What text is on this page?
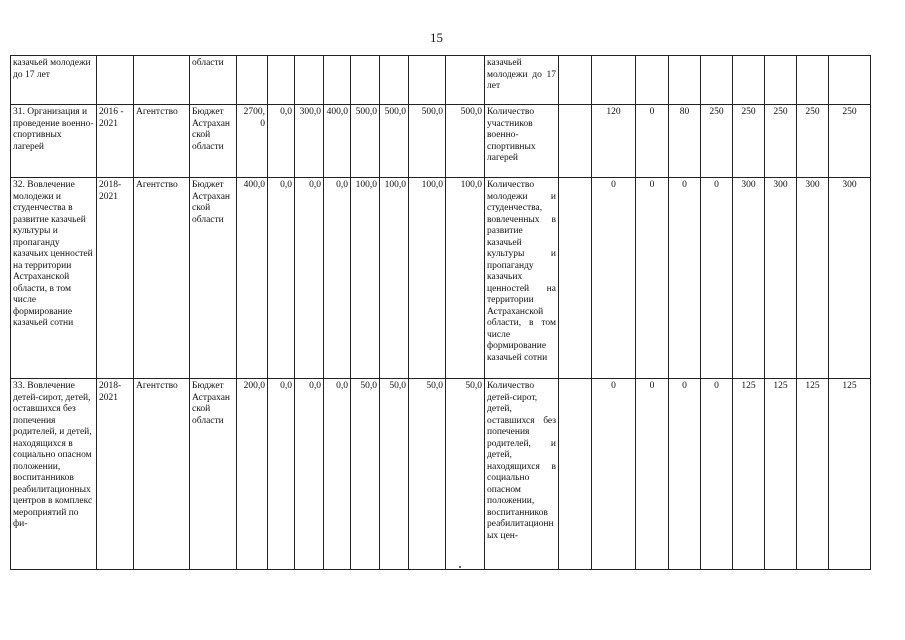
15
казачьей молодежи до 17 лет			области									казачьей молодежи до 17 лет									
31. Организация и проведение военно-спортивных лагерей	2016 - 2021	Агентство	Бюджет Астраханской области	2700,0	0,0	300,0	400,0	500,0	500,0	500,0	500,0	Количество участников военно-спортивных лагерей		120	0	80	250	250	250	250	250
32. Вовлечение молодежи и студенчества в развитие казачьей культуры и пропаганду казачьих ценностей на территории Астраханской области, в том числе формирование казачьей сотни	2018-2021	Агентство	Бюджет Астраханской области	400,0	0,0	0,0	0,0	100,0	100,0	100,0	100,0	Количество молодежи и студенчества, вовлеченных в развитие казачьей культуры и пропаганду казачьих ценностей на территории Астраханской области, в том числе формирование казачьей сотни		0	0	0	0	300	300	300	300
33. Вовлечение детей-сирот, детей, оставшихся без попечения родителей, и детей, находящихся в социально опасном положении, воспитанников реабилитационных центров в комплекс мероприятий по фи-	2018-2021	Агентство	Бюджет Астраханской области	200,0	0,0	0,0	0,0	50,0	50,0	50,0	50,0	Количество детей-сирот, детей, оставшихся без попечения родителей, и детей, находящихся в социально опасном положении, воспитанников реабилитационных цен-		0	0	0	0	125	125	125	125
